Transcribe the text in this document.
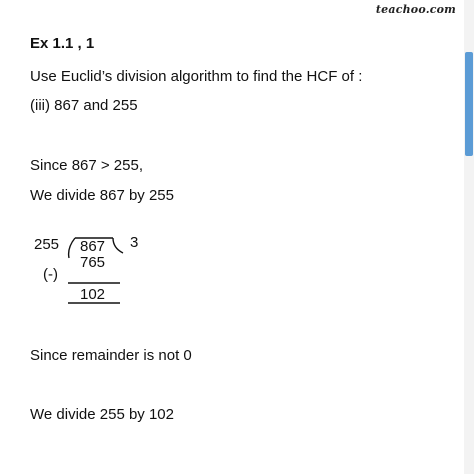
teachoo.com
Ex 1.1 , 1
Use Euclid’s division algorithm to find the HCF of :
(iii) 867 and 255
Since 867 > 255,
We divide 867 by 255
255 867 3
(-)
765
102
Since remainder is not 0
We divide 255 by 102
